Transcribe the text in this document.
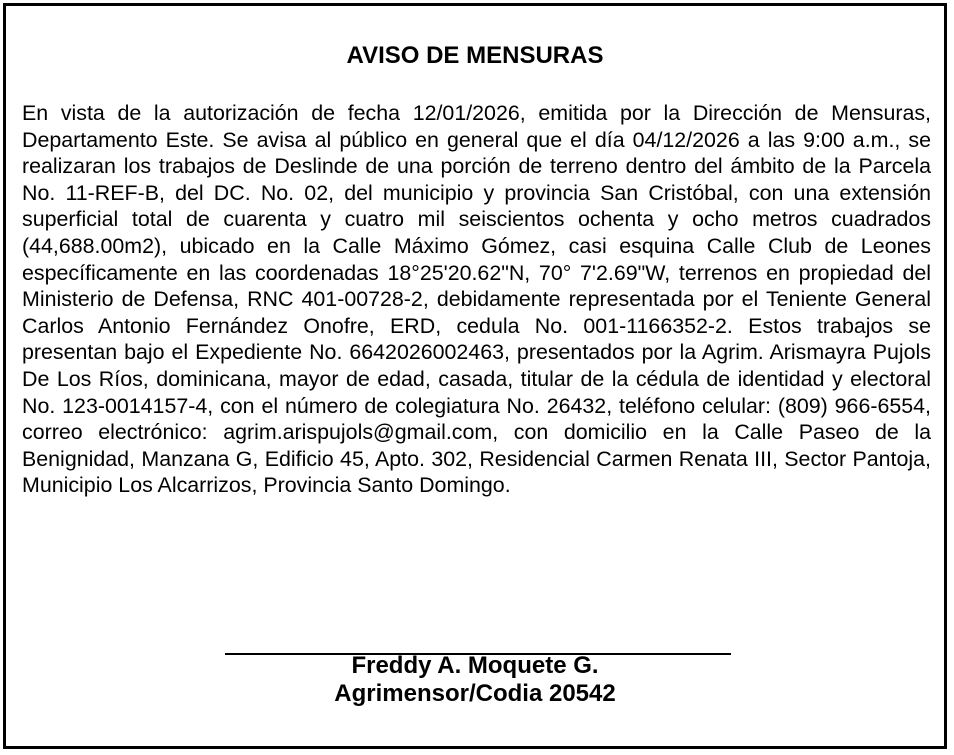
AVISO DE MENSURAS

En vista de la autorización de fecha 12/01/2026, emitida por la Dirección de Mensuras, Departamento Este. Se avisa al público en general que el día 04/12/2026 a las 9:00 a.m., se realizaran los trabajos de Deslinde de una porción de terreno dentro del ámbito de la Parcela No. 11-REF-B, del DC. No. 02, del municipio y provincia San Cristóbal, con una extensión superficial total de cuarenta y cuatro mil seiscientos ochenta y ocho metros cuadrados (44,688.00m2), ubicado en la Calle Máximo Gómez, casi esquina Calle Club de Leones específicamente en las coordenadas 18°25'20.62"N, 70° 7'2.69"W, terrenos en propiedad del Ministerio de Defensa, RNC 401-00728-2, debidamente representada por el Teniente General Carlos Antonio Fernández Onofre, ERD, cedula No. 001-1166352-2. Estos trabajos se presentan bajo el Expediente No. 6642026002463, presentados por la Agrim. Arismayra Pujols De Los Ríos, dominicana, mayor de edad, casada, titular de la cédula de identidad y electoral No. 123-0014157-4, con el número de colegiatura No. 26432, teléfono celular: (809) 966-6554, correo electrónico: agrim.arispujols@gmail.com, con domicilio en la Calle Paseo de la Benignidad, Manzana G, Edificio 45, Apto. 302, Residencial Carmen Renata III, Sector Pantoja, Municipio Los Alcarrizos, Provincia Santo Domingo.

Freddy A. Moquete G.
Agrimensor/Codia 20542
